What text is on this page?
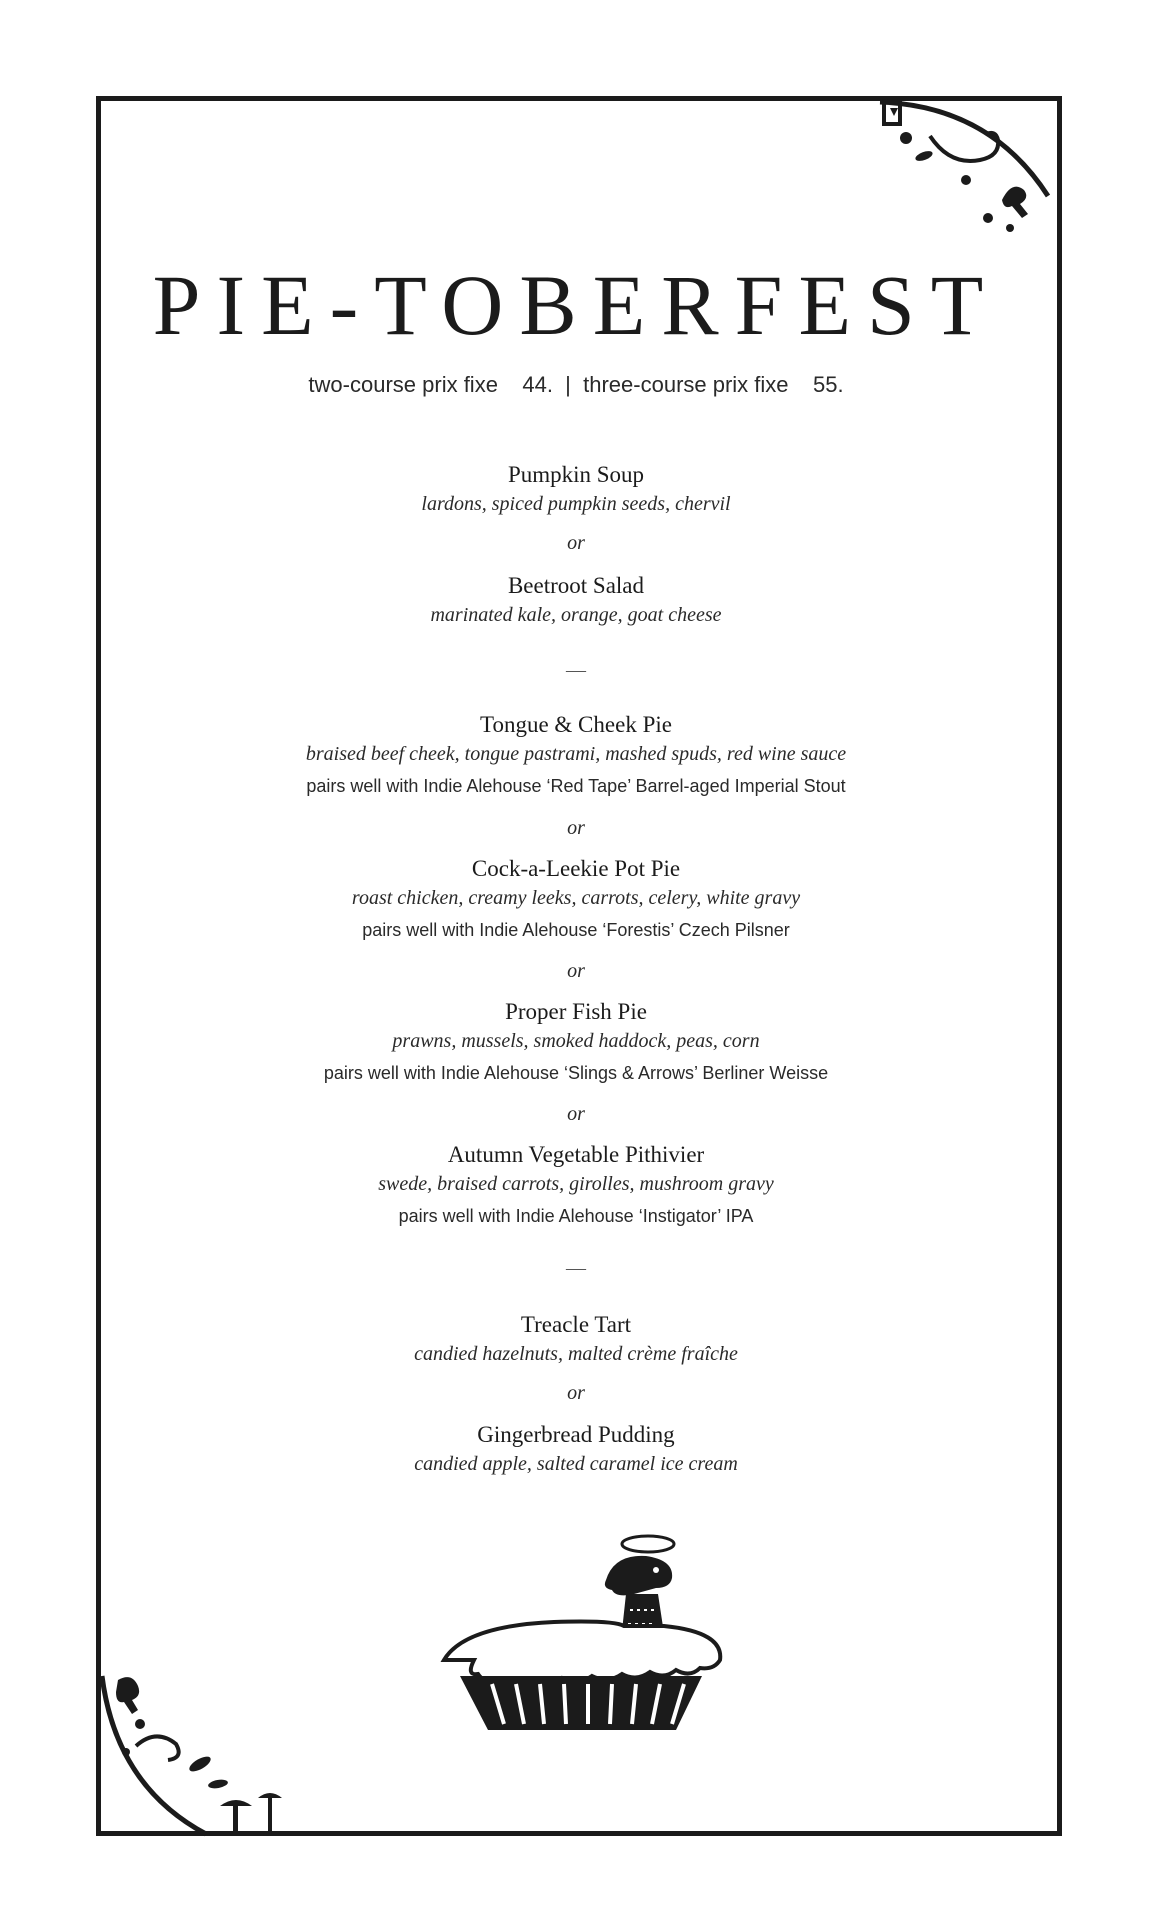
PIE-TOBERFEST
two-course prix fixe    44.  |  three-course prix fixe    55.
Pumpkin Soup
lardons, spiced pumpkin seeds, chervil
or
Beetroot Salad
marinated kale, orange, goat cheese
—
Tongue & Cheek Pie
braised beef cheek, tongue pastrami, mashed spuds, red wine sauce
pairs well with Indie Alehouse ‘Red Tape’ Barrel-aged Imperial Stout
or
Cock-a-Leekie Pot Pie
roast chicken, creamy leeks, carrots, celery, white gravy
pairs well with Indie Alehouse ‘Forestis’ Czech Pilsner
or
Proper Fish Pie
prawns, mussels, smoked haddock, peas, corn
pairs well with Indie Alehouse ‘Slings & Arrows’ Berliner Weisse
or
Autumn Vegetable Pithivier
swede, braised carrots, girolles, mushroom gravy
pairs well with Indie Alehouse ‘Instigator’ IPA
—
Treacle Tart
candied hazelnuts, malted crème fraîche
or
Gingerbread Pudding
candied apple, salted caramel ice cream
